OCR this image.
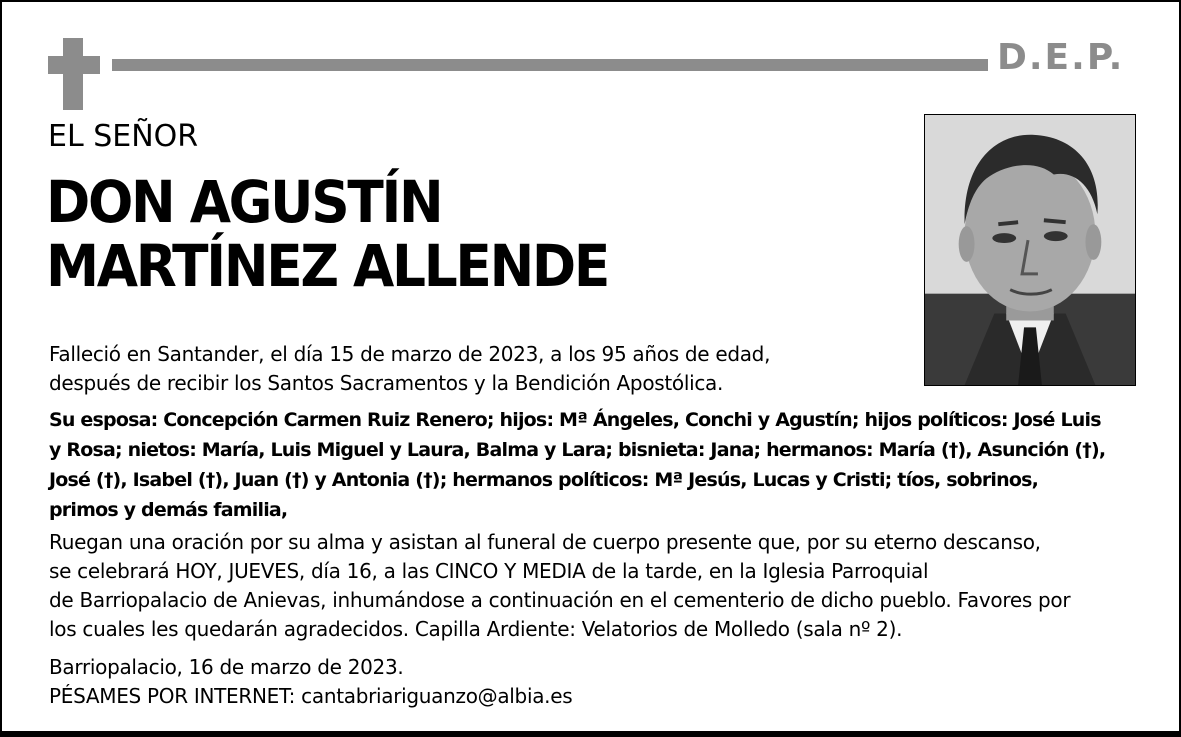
D.E.P.
EL SEÑOR
DON AGUSTÍN
MARTÍNEZ ALLENDE

Falleció en Santander, el día 15 de marzo de 2023, a los 95 años de edad,
después de recibir los Santos Sacramentos y la Bendición Apostólica.

Su esposa: Concepción Carmen Ruiz Renero; hijos: Mª Ángeles, Conchi y Agustín; hijos políticos: José Luis
y Rosa; nietos: María, Luis Miguel y Laura, Balma y Lara; bisnieta: Jana; hermanos: María (†), Asunción (†),
José (†), Isabel (†), Juan (†) y Antonia (†); hermanos políticos: Mª Jesús, Lucas y Cristi; tíos, sobrinos,
primos y demás familia,

Ruegan una oración por su alma y asistan al funeral de cuerpo presente que, por su eterno descanso,
se celebrará HOY, JUEVES, día 16, a las CINCO Y MEDIA de la tarde, en la Iglesia Parroquial
de Barriopalacio de Anievas, inhumándose a continuación en el cementerio de dicho pueblo. Favores por
los cuales les quedarán agradecidos. Capilla Ardiente: Velatorios de Molledo (sala nº 2).

Barriopalacio, 16 de marzo de 2023.
PÉSAMES POR INTERNET: cantabriariguanzo@albia.es
